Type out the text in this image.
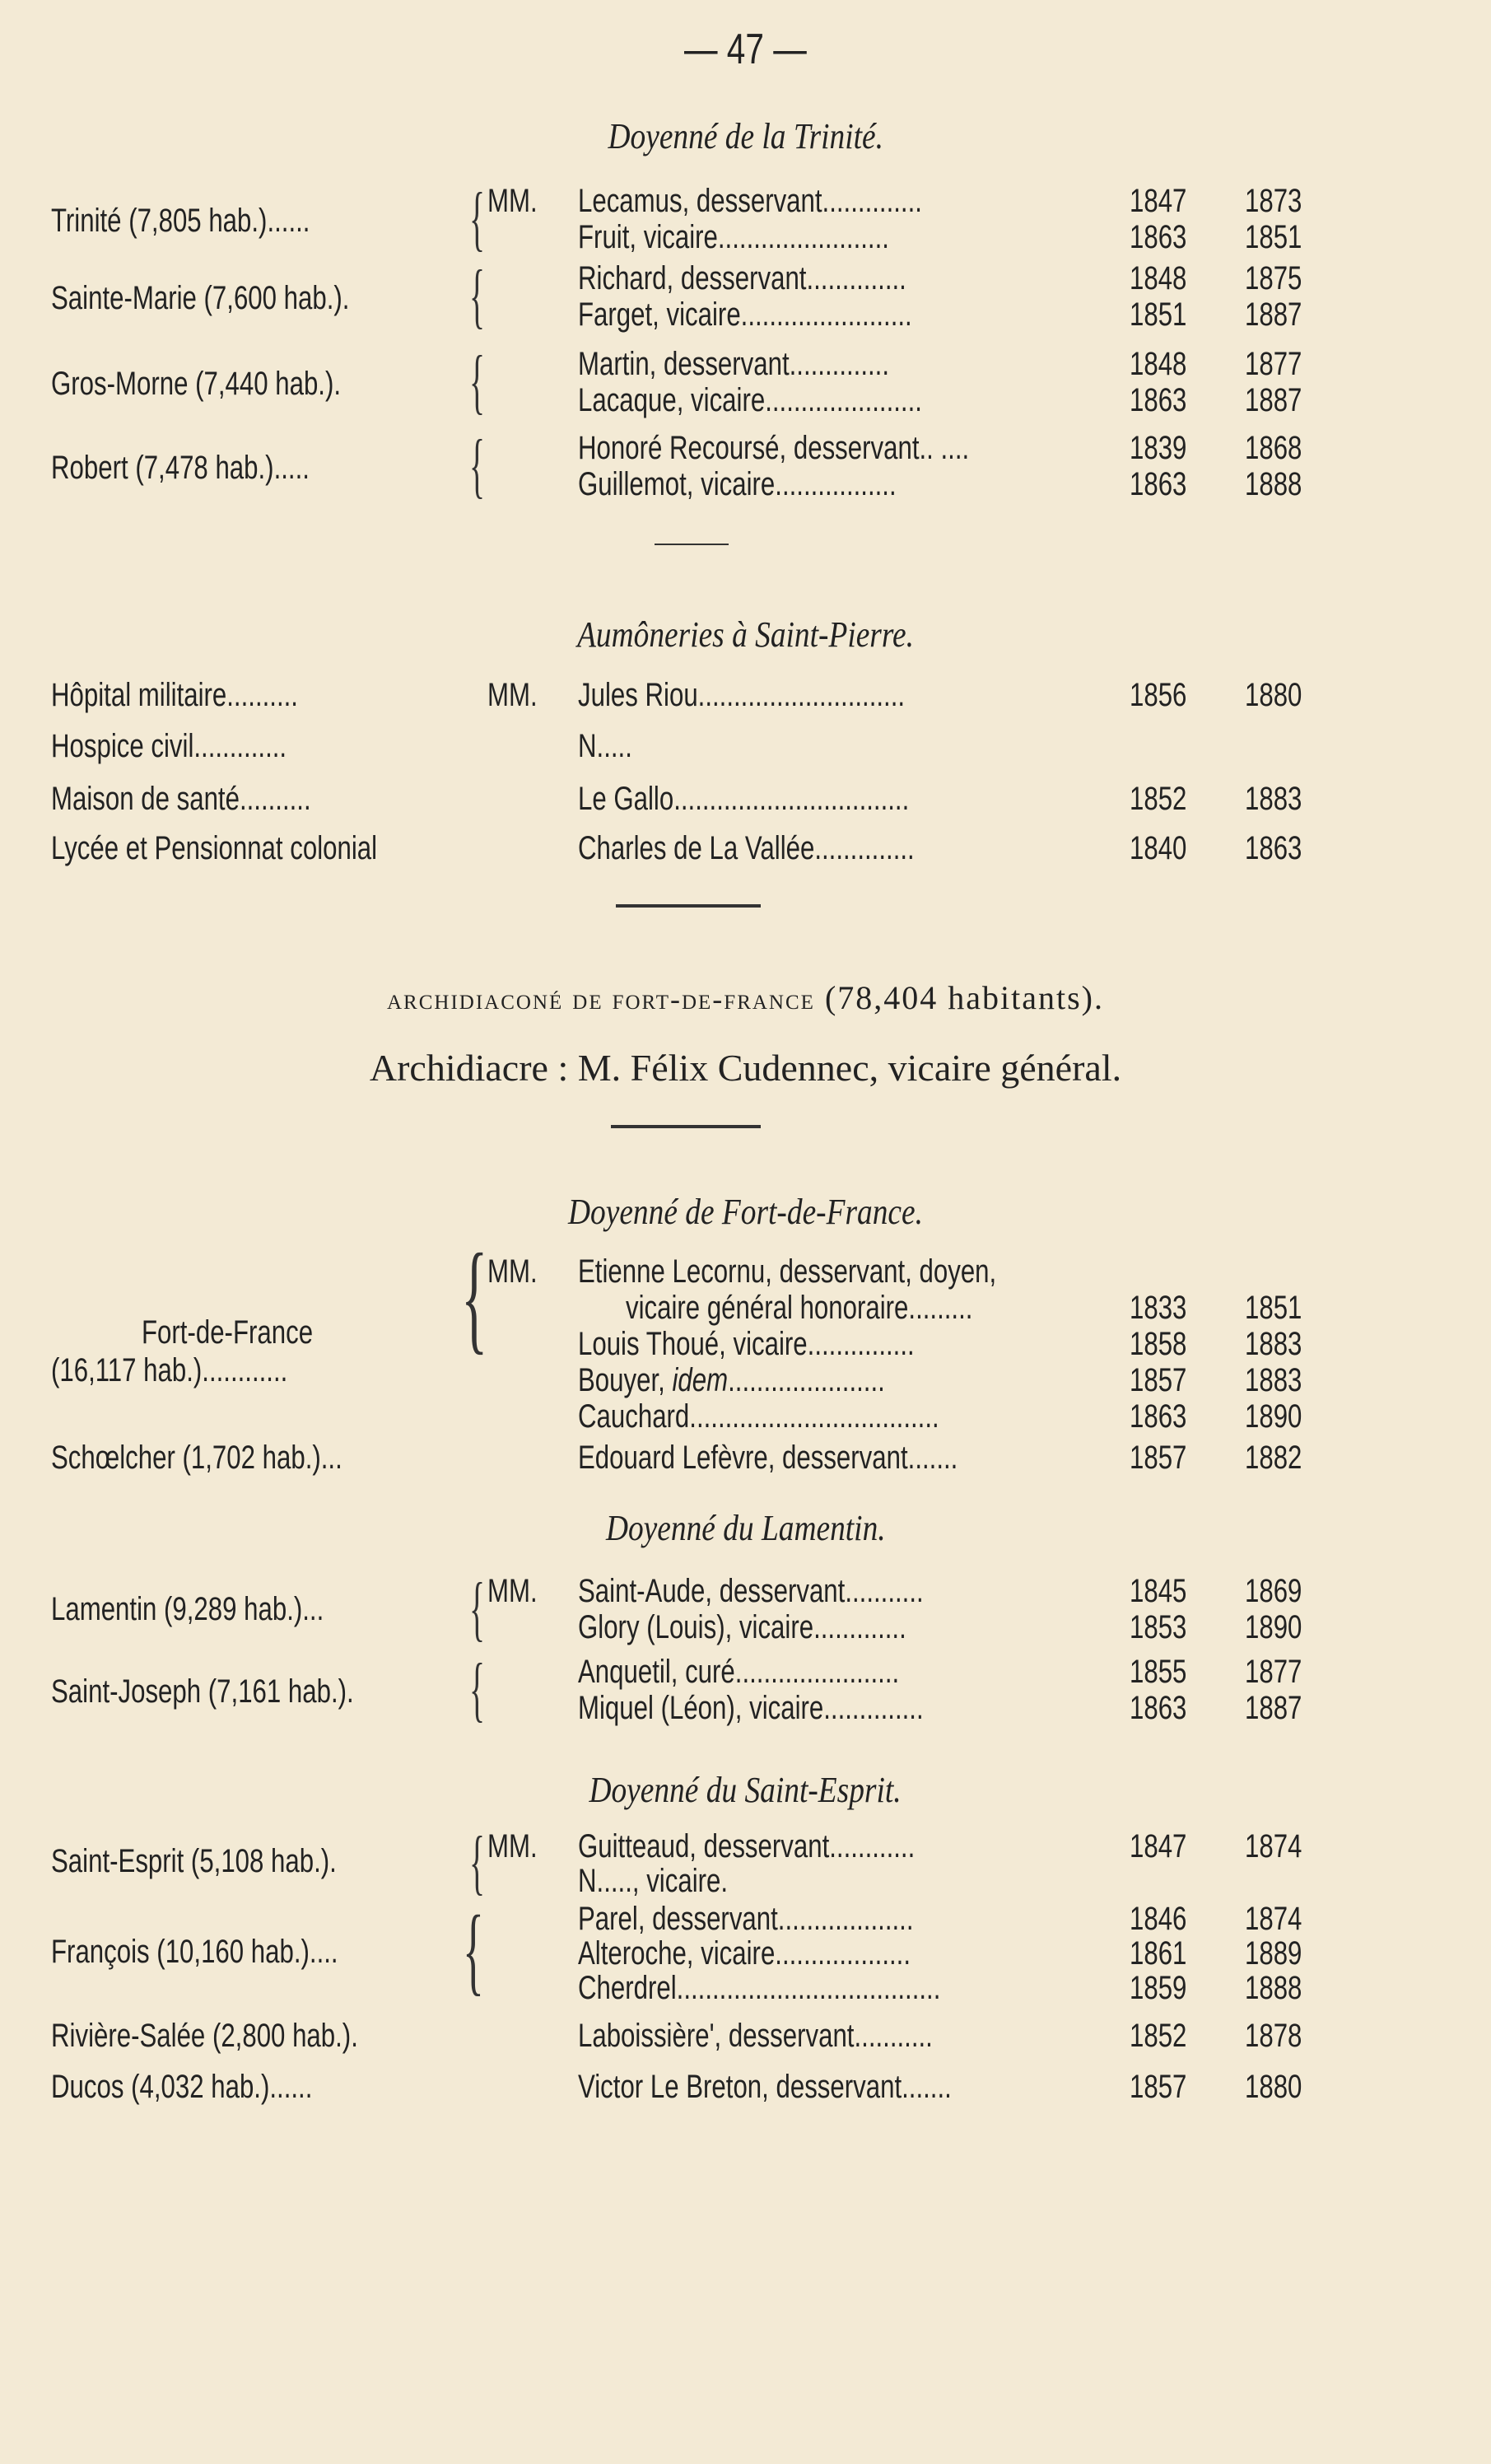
— 47 —
Doyenné de la Trinité.
MM.
Trinité (7,805 hab.)......	{	Lecamus, desservant..............	1847	1873
Fruit, vicaire........................	1863	1851
Sainte-Marie (7,600 hab.).	{	Richard, desservant..............	1848	1875
Farget, vicaire........................	1851	1887
Gros-Morne (7,440 hab.).	{	Martin, desservant..............	1848	1877
Lacaque, vicaire......................	1863	1887
Robert (7,478 hab.).....	{	Honoré Recoursé, desservant.. ....	1839	1868
Guillemot, vicaire.................	1863	1888
Aumôneries à Saint-Pierre.
Hôpital militaire..........	MM.	Jules Riou.............................	1856	1880
Hospice civil.............	N.....
Maison de santé..........	Le Gallo.................................	1852	1883
Lycée et Pensionnat colonial	Charles de La Vallée..............	1840	1863
archidiaconé de fort-de-france (78,404 habitants).
Archidiacre : M. Félix Cudennec, vicaire général.
Doyenné de Fort-de-France.
MM.
{
Fort-de-France
(16,117 hab.)............
Etienne Lecornu, desservant, doyen,
vicaire général honoraire.........	1833	1851
Louis Thoué, vicaire...............	1858	1883
Bouyer, idem......................	1857	1883
Cauchard...................................	1863	1890
Schœlcher (1,702 hab.)...	Edouard Lefèvre, desservant.......	1857	1882
Doyenné du Lamentin.
MM.
Lamentin (9,289 hab.)...	{	Saint-Aude, desservant...........	1845	1869
Glory (Louis), vicaire.............	1853	1890
Saint-Joseph (7,161 hab.).	{	Anquetil, curé.......................	1855	1877
Miquel (Léon), vicaire..............	1863	1887
Doyenné du Saint-Esprit.
MM.
Saint-Esprit (5,108 hab.).	{	Guitteaud, desservant............	1847	1874
N....., vicaire.
François (10,160 hab.)....	{	Parel, desservant...................	1846	1874
Alteroche, vicaire...................	1861	1889
Cherdrel.....................................	1859	1888
Rivière-Salée (2,800 hab.).	Laboissière', desservant...........	1852	1878
Ducos (4,032 hab.)......	Victor Le Breton, desservant.......	1857	1880
